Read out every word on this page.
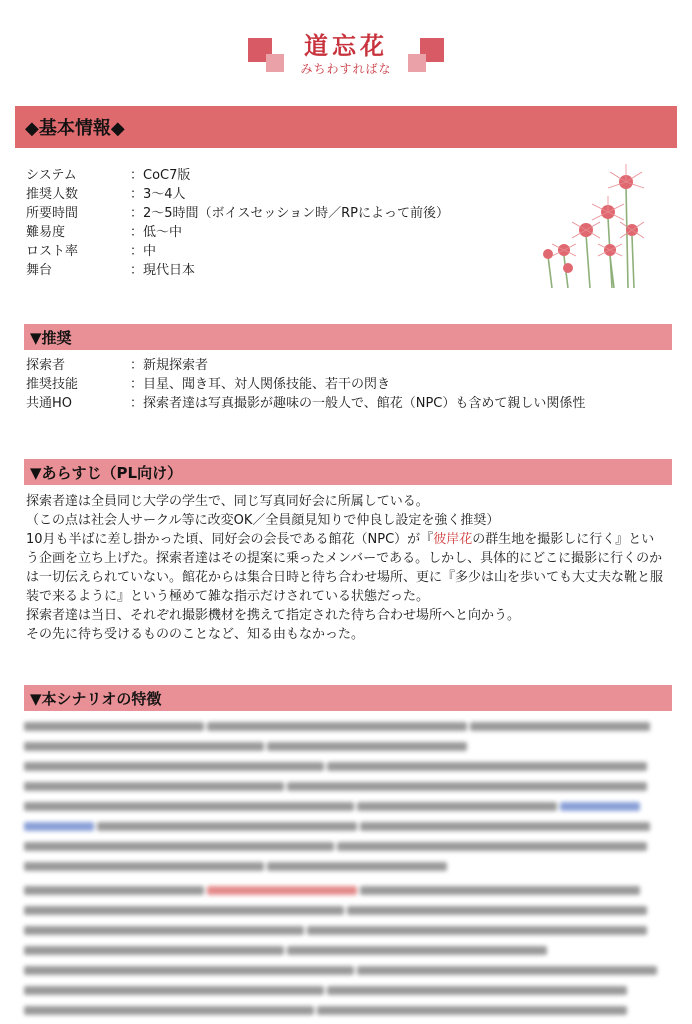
道忘花
みちわすればな
◆基本情報◆
システム	：CoC7版
推奨人数	：3〜4人
所要時間	：2〜5時間（ボイスセッション時／RPによって前後）
難易度	：低〜中
ロスト率	：中
舞台	：現代日本
▼推奨
探索者	：新規探索者
推奨技能	：目星、聞き耳、対人関係技能、若干の閃き
共通HO	：探索者達は写真撮影が趣味の一般人で、館花（NPC）も含めて親しい関係性
▼あらすじ（PL向け）

探索者達は全員同じ大学の学生で、同じ写真同好会に所属している。

（この点は社会人サークル等に改変OK／全員顔見知りで仲良し設定を強く推奨）

10月も半ばに差し掛かった頃、同好会の会長である館花（NPC）が『彼岸花の群生地を撮影しに行く』という企画を立ち上げた。探索者達はその提案に乗ったメンバーである。しかし、具体的にどこに撮影に行くのかは一切伝えられていない。館花からは集合日時と待ち合わせ場所、更に『多少は山を歩いても大丈夫な靴と服装で来るように』という極めて雑な指示だけされている状態だった。

探索者達は当日、それぞれ撮影機材を携えて指定された待ち合わせ場所へと向かう。

その先に待ち受けるもののことなど、知る由もなかった。

▼本シナリオの特徴
